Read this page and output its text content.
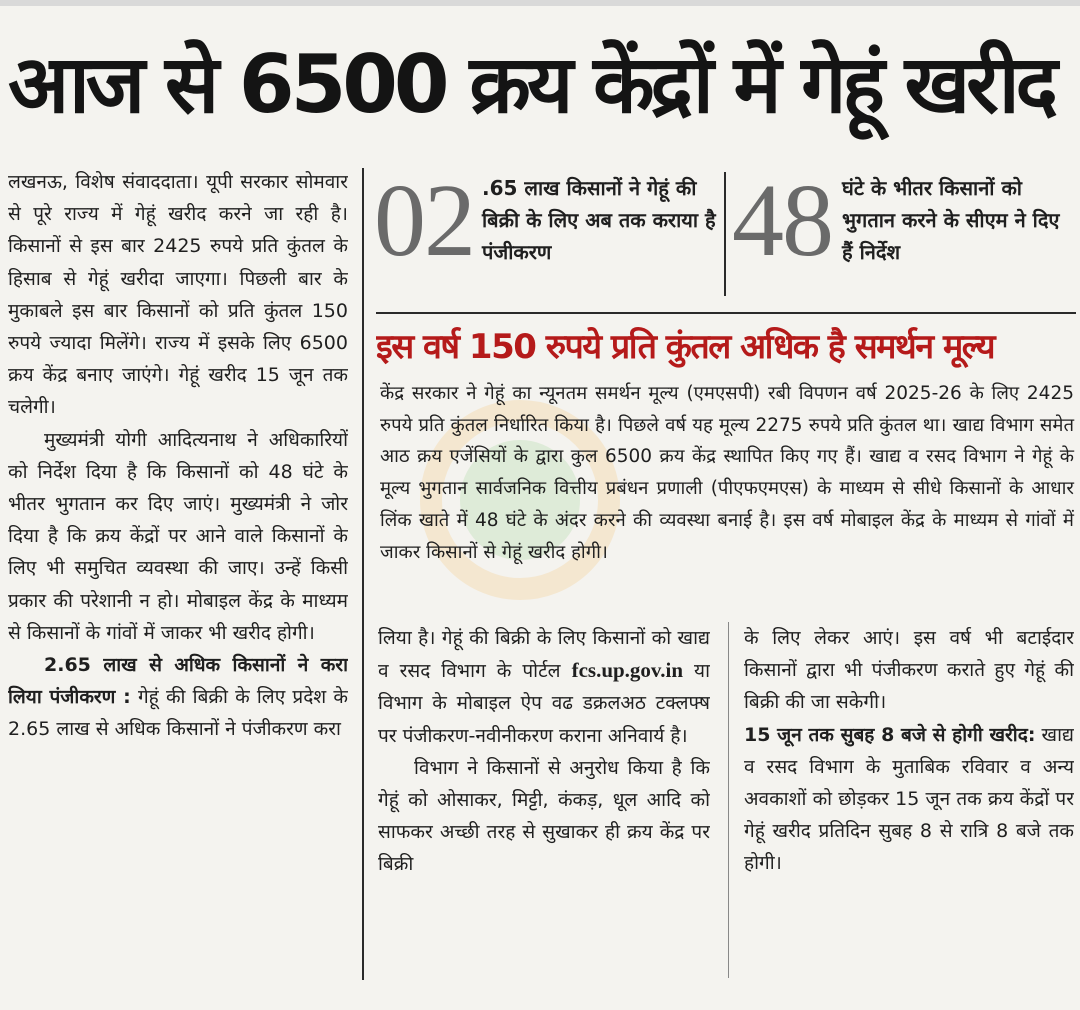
आज से 6500 क्रय केंद्रों में गेहूं खरीद

लखनऊ, विशेष संवाददाता। यूपी सरकार सोमवार से पूरे राज्य में गेहूं खरीद करने जा रही है। किसानों से इस बार 2425 रुपये प्रति कुंतल के हिसाब से गेहूं खरीदा जाएगा। पिछली बार के मुकाबले इस बार किसानों को प्रति कुंतल 150 रुपये ज्यादा मिलेंगे। राज्य में इसके लिए 6500 क्रय केंद्र बनाए जाएंगे। गेहूं खरीद 15 जून तक चलेगी।

मुख्यमंत्री योगी आदित्यनाथ ने अधिकारियों को निर्देश दिया है कि किसानों को 48 घंटे के भीतर भुगतान कर दिए जाएं। मुख्यमंत्री ने जोर दिया है कि क्रय केंद्रों पर आने वाले किसानों के लिए भी समुचित व्यवस्था की जाए। उन्हें किसी प्रकार की परेशानी न हो। मोबाइल केंद्र के माध्यम से किसानों के गांवों में जाकर भी खरीद होगी।

2.65 लाख से अधिक किसानों ने करा लिया पंजीकरण : गेहूं की बिक्री के लिए प्रदेश के 2.65 लाख से अधिक किसानों ने पंजीकरण करा

02 .65 लाख किसानों ने गेहूं की बिक्री के लिए अब तक कराया है पंजीकरण	48 घंटे के भीतर किसानों को भुगतान करने के सीएम ने दिए हैं निर्देश
इस वर्ष 150 रुपये प्रति कुंतल अधिक है समर्थन मूल्य
केंद्र सरकार ने गेहूं का न्यूनतम समर्थन मूल्य (एमएसपी) रबी विपणन वर्ष 2025-26 के लिए 2425 रुपये प्रति कुंतल निर्धारित किया है। पिछले वर्ष यह मूल्य 2275 रुपये प्रति कुंतल था। खाद्य विभाग समेत आठ क्रय एजेंसियों के द्वारा कुल 6500 क्रय केंद्र स्थापित किए गए हैं। खाद्य व रसद विभाग ने गेहूं के मूल्य भुगतान सार्वजनिक वित्तीय प्रबंधन प्रणाली (पीएफएमएस) के माध्यम से सीधे किसानों के आधार लिंक खाते में 48 घंटे के अंदर करने की व्यवस्था बनाई है। इस वर्ष मोबाइल केंद्र के माध्यम से गांवों में जाकर किसानों से गेहूं खरीद होगी।

लिया है। गेहूं की बिक्री के लिए किसानों को खाद्य व रसद विभाग के पोर्टल fcs.up.gov.in या विभाग के मोबाइल ऐप वढ डक्रलअठ टक्लफ्ष पर पंजीकरण-नवीनीकरण कराना अनिवार्य है।

विभाग ने किसानों से अनुरोध किया है कि गेहूं को ओसाकर, मिट्टी, कंकड़, धूल आदि को साफकर अच्छी तरह से सुखाकर ही क्रय केंद्र पर बिक्री

के लिए लेकर आएं। इस वर्ष भी बटाईदार किसानों द्वारा भी पंजीकरण कराते हुए गेहूं की बिक्री की जा सकेगी।

15 जून तक सुबह 8 बजे से होगी खरीद: खाद्य व रसद विभाग के मुताबिक रविवार व अन्य अवकाशों को छोड़कर 15 जून तक क्रय केंद्रों पर गेहूं खरीद प्रतिदिन सुबह 8 से रात्रि 8 बजे तक होगी।
